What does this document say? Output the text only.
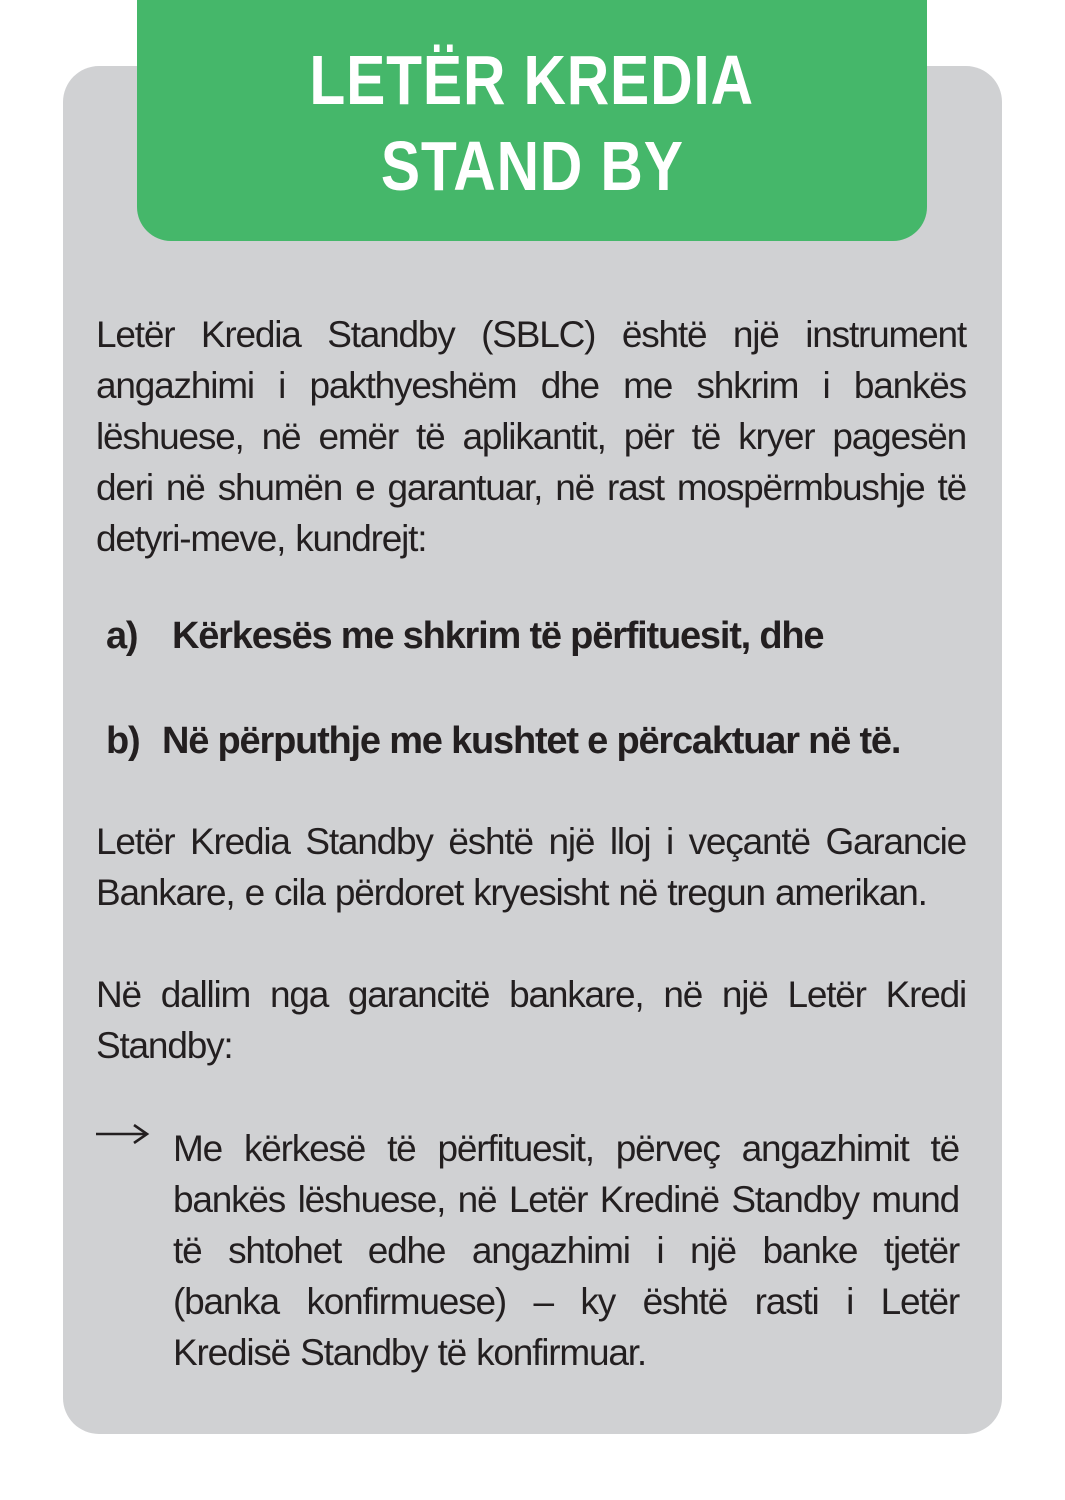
LETËR KREDIA
STAND BY

Letër Kredia Standby (SBLC) është një instrument angazhimi i pakthyeshëm dhe me shkrim i bankës lëshuese, në emër të aplikantit, për të kryer pagesën deri në shumën e garantuar, në rast mospërmbushje të detyri-meve, kundrejt:

a) Kërkesës me shkrim të përfituesit, dhe
b) Në përputhje me kushtet e përcaktuar në të.

Letër Kredia Standby është një lloj i veçantë Garancie Bankare, e cila përdoret kryesisht në tregun amerikan.

Në dallim nga garancitë bankare, në një Letër Kredi Standby:

Me kërkesë të përfituesit, përveç angazhimit të bankës lëshuese, në Letër Kredinë Standby mund të shtohet edhe angazhimi i një banke tjetër (banka konfirmuese) – ky është rasti i Letër Kredisë Standby të konfirmuar.
